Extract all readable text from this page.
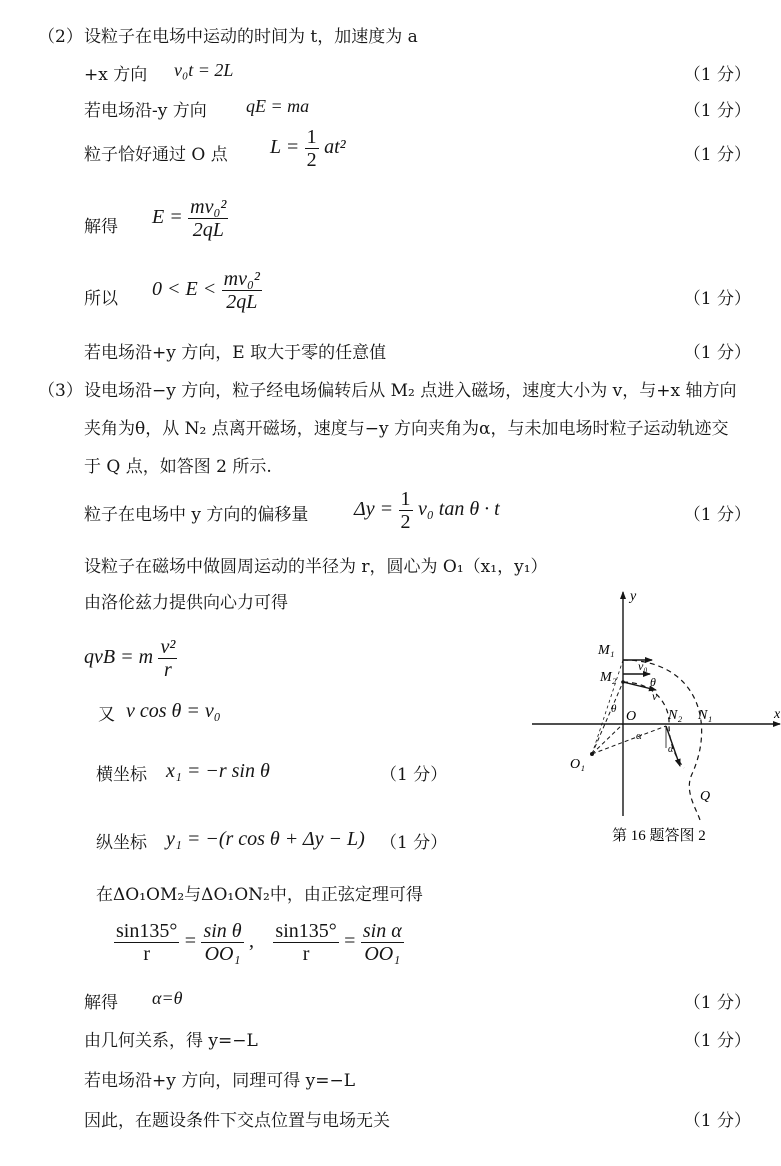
（2） 设粒子在电场中运动的时间为 t，加速度为 a
+x 方向 v₀t = 2L	（1 分）
若电场沿-y 方向 qE = ma	（1 分）
粒子恰好通过 O 点	（1 分）
$L = \frac{1}{2} at^2$
解得 $E = \frac{\text{mv₀²}}{2qL}$
所以	（1 分）
$0 < E < \frac{\text{mv₀²}}{2qL}$
若电场沿+y 方向，E 取大于零的任意值	（1 分）
（3） 设电场沿−y 方向，粒子经电场偏转后从 M₂ 点进入磁场，速度大小为 v，与+x 轴方向
夹角为θ，从 N₂ 点离开磁场，速度与−y 方向夹角为α，与未加电场时粒子运动轨迹交
于 Q 点，如答图 2 所示.
粒子在电场中 y 方向的偏移量	（1 分）
$\Delta y = \frac{1}{2} v_0$ tan θ · t
设粒子在磁场中做圆周运动的半径为 r，圆心为 O₁（x₁，y₁）
由洛伦兹力提供向心力可得
qvB = m $\frac{\text{v²}}{r}$
又 v cos θ = v₀
横坐标 x₁ = −r sin θ	（1 分）
纵坐标 y₁ = −(r cos θ + Δy − L) （1 分）
在ΔO₁OM₂与ΔO₁ON₂中，由正弦定理可得
$\frac{\sin 135^\circ}{r} = \frac{\text{sin θ}}{\text{OO₁}}$ , $\frac{\sin 135^\circ}{r} = \frac{\text{sin α}}{\text{OO₁}}$
解得 α=θ	（1 分）
由几何关系，得 y=−L	（1 分）
若电场沿+y 方向，同理可得 y=−L
因此，在题设条件下交点位置与电场无关	（1 分）
y
x
M₁
M₂
v₀
θ
v
θ O N₂ N₁
α
α
O₁
Q
第 16 题答图 2
